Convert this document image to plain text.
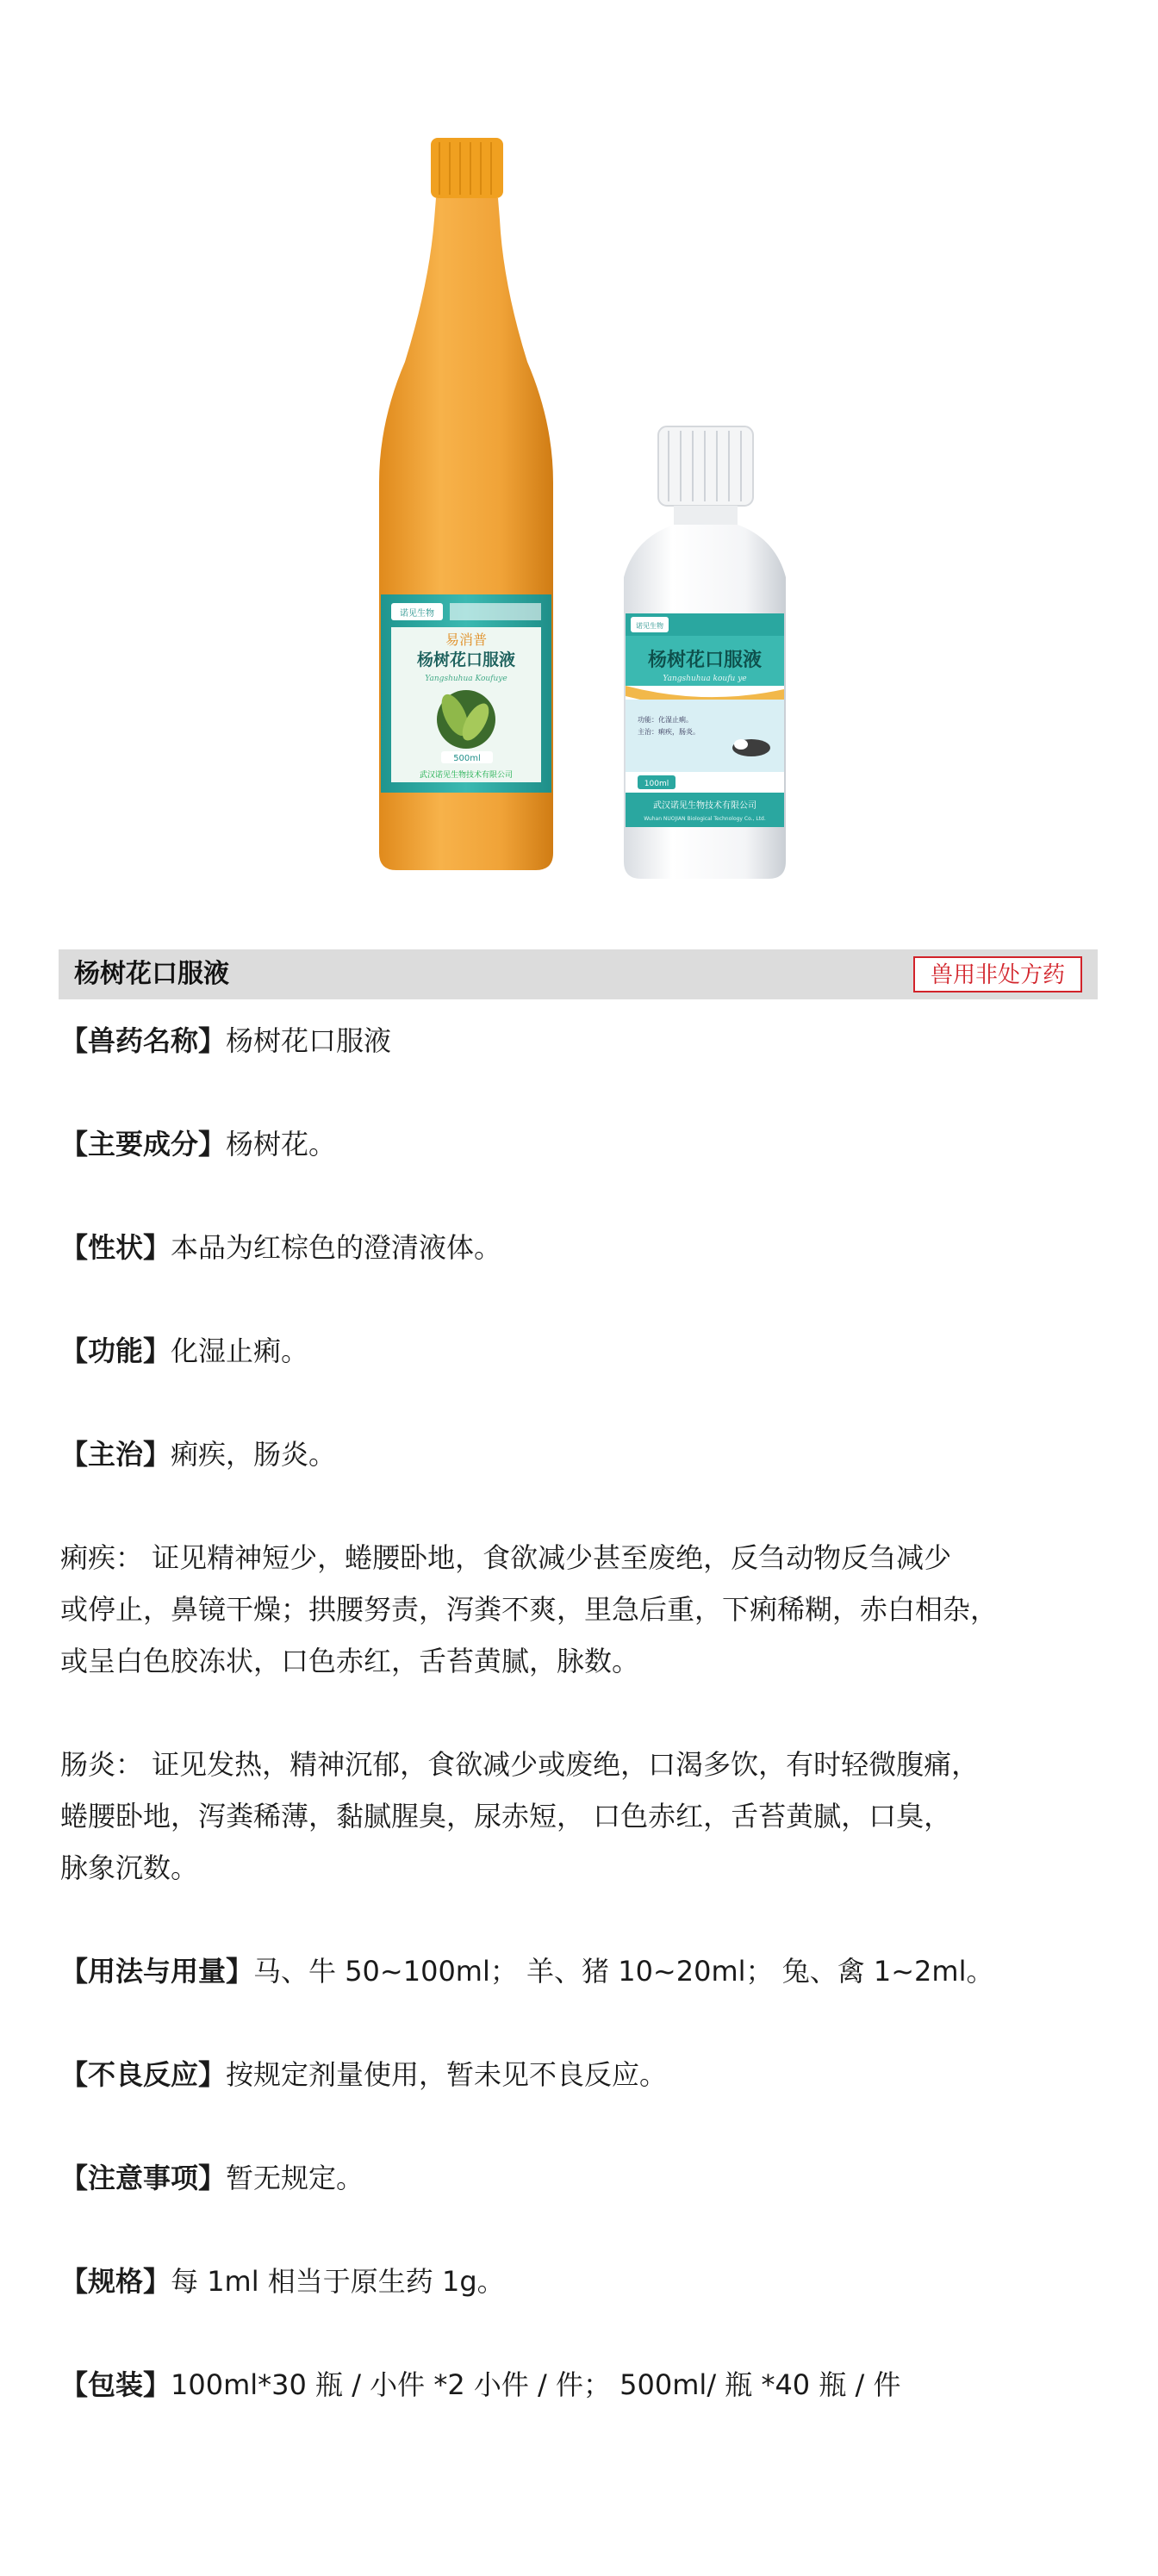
诺见生物
易消普
杨树花口服液
Yangshuhua Koufuye
500ml
武汉诺见生物技术有限公司
诺见生物
杨树花口服液
Yangshuhua koufu ye
功能：化湿止痢。
主治：痢疾，肠炎。
100ml
武汉诺见生物技术有限公司
Wuhan NUOJIAN Biological Technology Co., Ltd.
杨树花口服液	兽用非处方药

【兽药名称】杨树花口服液

【主要成分】杨树花。

【性状】本品为红棕色的澄清液体。

【功能】化湿止痢。

【主治】痢疾，肠炎。

痢疾： 证见精神短少，蜷腰卧地，食欲减少甚至废绝，反刍动物反刍减少
或停止，鼻镜干燥；拱腰努责，泻粪不爽，里急后重，下痢稀糊，赤白相杂，
或呈白色胶冻状，口色赤红，舌苔黄腻，脉数。

肠炎： 证见发热，精神沉郁，食欲减少或废绝，口渴多饮，有时轻微腹痛，
蜷腰卧地，泻粪稀薄，黏腻腥臭，尿赤短， 口色赤红，舌苔黄腻，口臭，
脉象沉数。

【用法与用量】马、牛 50~100ml； 羊、猪 10~20ml； 兔、禽 1~2ml。

【不良反应】按规定剂量使用，暂未见不良反应。

【注意事项】暂无规定。

【规格】每 1ml 相当于原生药 1g。

【包装】100ml*30 瓶 / 小件 *2 小件 / 件； 500ml/ 瓶 *40 瓶 / 件
